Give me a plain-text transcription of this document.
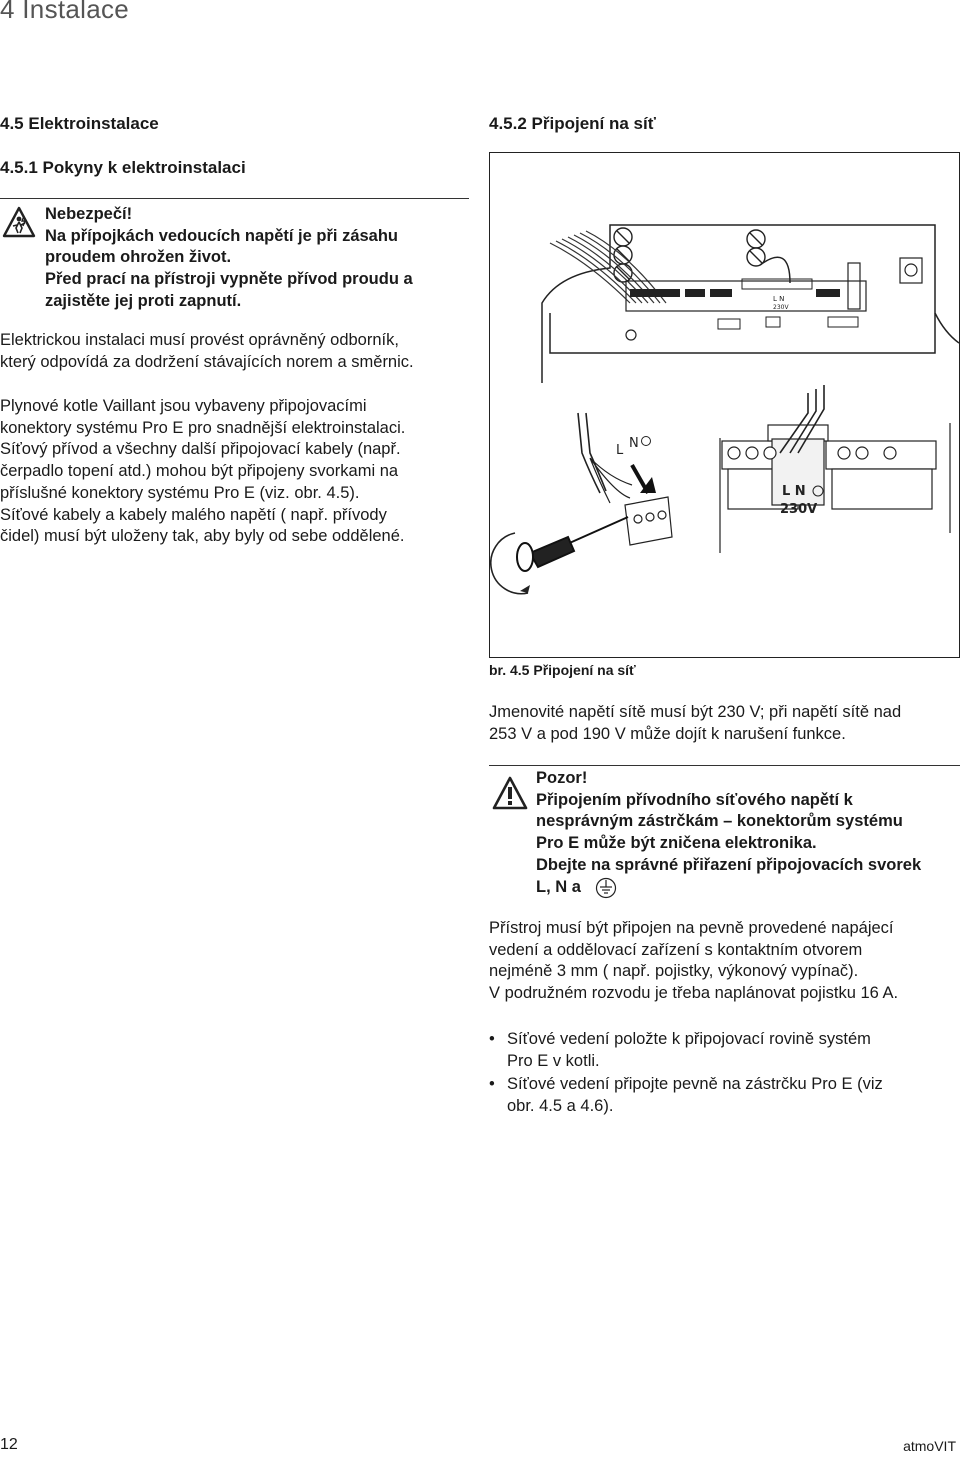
4 Instalace
4.5 Elektroinstalace
4.5.1 Pokyny k elektroinstalaci
Nebezpečí!
Na přípojkách vedoucích napětí je při zásahu
proudem ohrožen život.
Před prací na přístroji vypněte přívod proudu a
zajistěte jej proti zapnutí.
Elektrickou instalaci musí provést oprávněný odborník,
který odpovídá za dodržení stávajících norem a směrnic.
Plynové kotle Vaillant jsou vybaveny připojovacími
konektory systému Pro E pro snadnější elektroinstalaci.
Síťový přívod a všechny další připojovací kabely (např.
čerpadlo topení atd.) mohou být připojeny svorkami na
příslušné konektory systému Pro E (viz. obr. 4.5).
Síťové kabely a kabely malého napětí ( např. přívody
čidel) musí být uloženy tak, aby byly od sebe oddělené.
4.5.2 Připojení na síť
L N
230V
L N
L N
230V
br. 4.5 Připojení na síť
Jmenovité napětí sítě musí být 230 V; při napětí sítě nad
253 V a pod 190 V může dojít k narušení funkce.
Pozor!
Připojením přívodního síťového napětí k
nesprávným zástrčkám – konektorům systému
Pro E může být zničena elektronika.
Dbejte na správné přiřazení připojovacích svorek
L, N a
Přístroj musí být připojen na pevně provedené napájecí
vedení a oddělovací zařízení s kontaktním otvorem
nejméně 3 mm ( např. pojistky, výkonový vypínač).
V podružném rozvodu je třeba naplánovat pojistku 16 A.
• Síťové vedení položte k připojovací rovině systém
Pro E v kotli.
• Síťové vedení připojte pevně na zástrčku Pro E (viz
obr. 4.5 a 4.6).
12	atmoVIT
